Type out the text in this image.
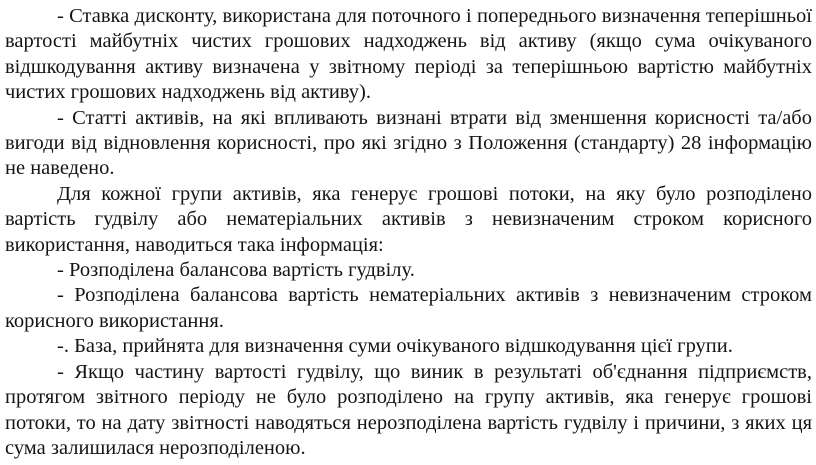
- Ставка дисконту, використана для поточного і попереднього визначення теперішньої вартості майбутніх чистих грошових надходжень від активу (якщо сума очікуваного відшкодування активу визначена у звітному періоді за теперішньою вартістю майбутніх чистих грошових надходжень від активу).

- Статті активів, на які впливають визнані втрати від зменшення корисності та/або вигоди від відновлення корисності, про які згідно з Положення (стандарту) 28 інформацію не наведено.

Для кожної групи активів, яка генерує грошові потоки, на яку було розподілено вартість гудвілу або нематеріальних активів з невизначеним строком корисного використання, наводиться така інформація:

- Розподілена балансова вартість гудвілу.

- Розподілена балансова вартість нематеріальних активів з невизначеним строком корисного використання.

-. База, прийнята для визначення суми очікуваного відшкодування цієї групи.

- Якщо частину вартості гудвілу, що виник в результаті об'єднання підприємств, протягом звітного періоду не було розподілено на групу активів, яка генерує грошові потоки, то на дату звітності наводяться нерозподілена вартість гудвілу і причини, з яких ця сума залишилася нерозподіленою.
